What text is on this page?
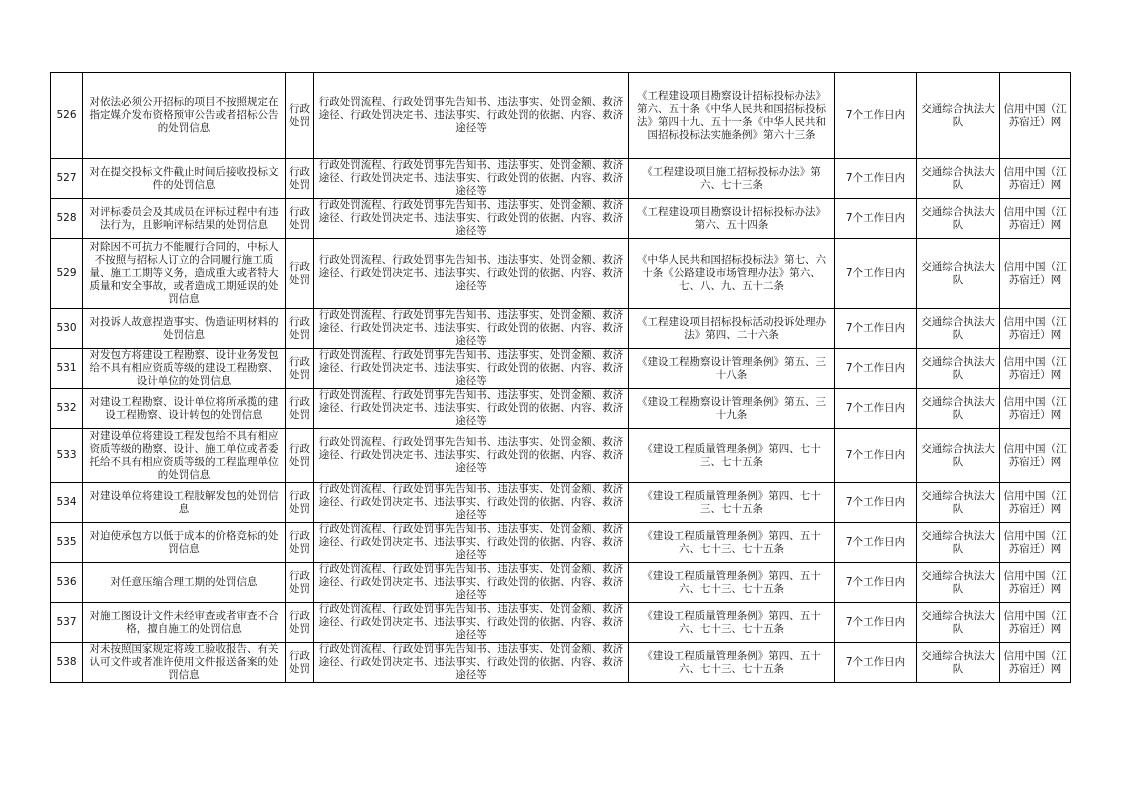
526	对依法必须公开招标的项目不按照规定在指定媒介发布资格预审公告或者招标公告的处罚信息	行政处罚	行政处罚流程、行政处罚事先告知书、违法事实、处罚金额、救济途径、行政处罚决定书、违法事实、行政处罚的依据、内容、救济途径等	《工程建设项目勘察设计招标投标办法》第六、五十条《中华人民共和国招标投标法》第四十九、五十一条《中华人民共和国招标投标法实施条例》第六十三条	7个工作日内	交通综合执法大队	信用中国（江苏宿迁）网
527	对在提交投标文件截止时间后接收投标文件的处罚信息	行政处罚	行政处罚流程、行政处罚事先告知书、违法事实、处罚金额、救济途径、行政处罚决定书、违法事实、行政处罚的依据、内容、救济途径等	《工程建设项目施工招标投标办法》第六、七十三条	7个工作日内	交通综合执法大队	信用中国（江苏宿迁）网
528	对评标委员会及其成员在评标过程中有违法行为，且影响评标结果的处罚信息	行政处罚	行政处罚流程、行政处罚事先告知书、违法事实、处罚金额、救济途径、行政处罚决定书、违法事实、行政处罚的依据、内容、救济途径等	《工程建设项目勘察设计招标投标办法》第六、五十四条	7个工作日内	交通综合执法大队	信用中国（江苏宿迁）网
529	对除因不可抗力不能履行合同的，中标人不按照与招标人订立的合同履行施工质量、施工工期等义务，造成重大或者特大质量和安全事故，或者造成工期延误的处罚信息	行政处罚	行政处罚流程、行政处罚事先告知书、违法事实、处罚金额、救济途径、行政处罚决定书、违法事实、行政处罚的依据、内容、救济途径等	《中华人民共和国招标投标法》第七、六十条《公路建设市场管理办法》第六、七、八、九、五十二条	7个工作日内	交通综合执法大队	信用中国（江苏宿迁）网
530	对投诉人故意捏造事实、伪造证明材料的处罚信息	行政处罚	行政处罚流程、行政处罚事先告知书、违法事实、处罚金额、救济途径、行政处罚决定书、违法事实、行政处罚的依据、内容、救济途径等	《工程建设项目招标投标活动投诉处理办法》第四、二十六条	7个工作日内	交通综合执法大队	信用中国（江苏宿迁）网
531	对发包方将建设工程勘察、设计业务发包给不具有相应资质等级的建设工程勘察、设计单位的处罚信息	行政处罚	行政处罚流程、行政处罚事先告知书、违法事实、处罚金额、救济途径、行政处罚决定书、违法事实、行政处罚的依据、内容、救济途径等	《建设工程勘察设计管理条例》第五、三十八条	7个工作日内	交通综合执法大队	信用中国（江苏宿迁）网
532	对建设工程勘察、设计单位将所承揽的建设工程勘察、设计转包的处罚信息	行政处罚	行政处罚流程、行政处罚事先告知书、违法事实、处罚金额、救济途径、行政处罚决定书、违法事实、行政处罚的依据、内容、救济途径等	《建设工程勘察设计管理条例》第五、三十九条	7个工作日内	交通综合执法大队	信用中国（江苏宿迁）网
533	对建设单位将建设工程发包给不具有相应资质等级的勘察、设计、施工单位或者委托给不具有相应资质等级的工程监理单位的处罚信息	行政处罚	行政处罚流程、行政处罚事先告知书、违法事实、处罚金额、救济途径、行政处罚决定书、违法事实、行政处罚的依据、内容、救济途径等	《建设工程质量管理条例》第四、七十三、七十五条	7个工作日内	交通综合执法大队	信用中国（江苏宿迁）网
534	对建设单位将建设工程肢解发包的处罚信息	行政处罚	行政处罚流程、行政处罚事先告知书、违法事实、处罚金额、救济途径、行政处罚决定书、违法事实、行政处罚的依据、内容、救济途径等	《建设工程质量管理条例》第四、七十三、七十五条	7个工作日内	交通综合执法大队	信用中国（江苏宿迁）网
535	对迫使承包方以低于成本的价格竞标的处罚信息	行政处罚	行政处罚流程、行政处罚事先告知书、违法事实、处罚金额、救济途径、行政处罚决定书、违法事实、行政处罚的依据、内容、救济途径等	《建设工程质量管理条例》第四、五十六、七十三、七十五条	7个工作日内	交通综合执法大队	信用中国（江苏宿迁）网
536	对任意压缩合理工期的处罚信息	行政处罚	行政处罚流程、行政处罚事先告知书、违法事实、处罚金额、救济途径、行政处罚决定书、违法事实、行政处罚的依据、内容、救济途径等	《建设工程质量管理条例》第四、五十六、七十三、七十五条	7个工作日内	交通综合执法大队	信用中国（江苏宿迁）网
537	对施工图设计文件未经审查或者审查不合格，擅自施工的处罚信息	行政处罚	行政处罚流程、行政处罚事先告知书、违法事实、处罚金额、救济途径、行政处罚决定书、违法事实、行政处罚的依据、内容、救济途径等	《建设工程质量管理条例》第四、五十六、七十三、七十五条	7个工作日内	交通综合执法大队	信用中国（江苏宿迁）网
538	对未按照国家规定将竣工验收报告、有关认可文件或者准许使用文件报送备案的处罚信息	行政处罚	行政处罚流程、行政处罚事先告知书、违法事实、处罚金额、救济途径、行政处罚决定书、违法事实、行政处罚的依据、内容、救济途径等	《建设工程质量管理条例》第四、五十六、七十三、七十五条	7个工作日内	交通综合执法大队	信用中国（江苏宿迁）网
